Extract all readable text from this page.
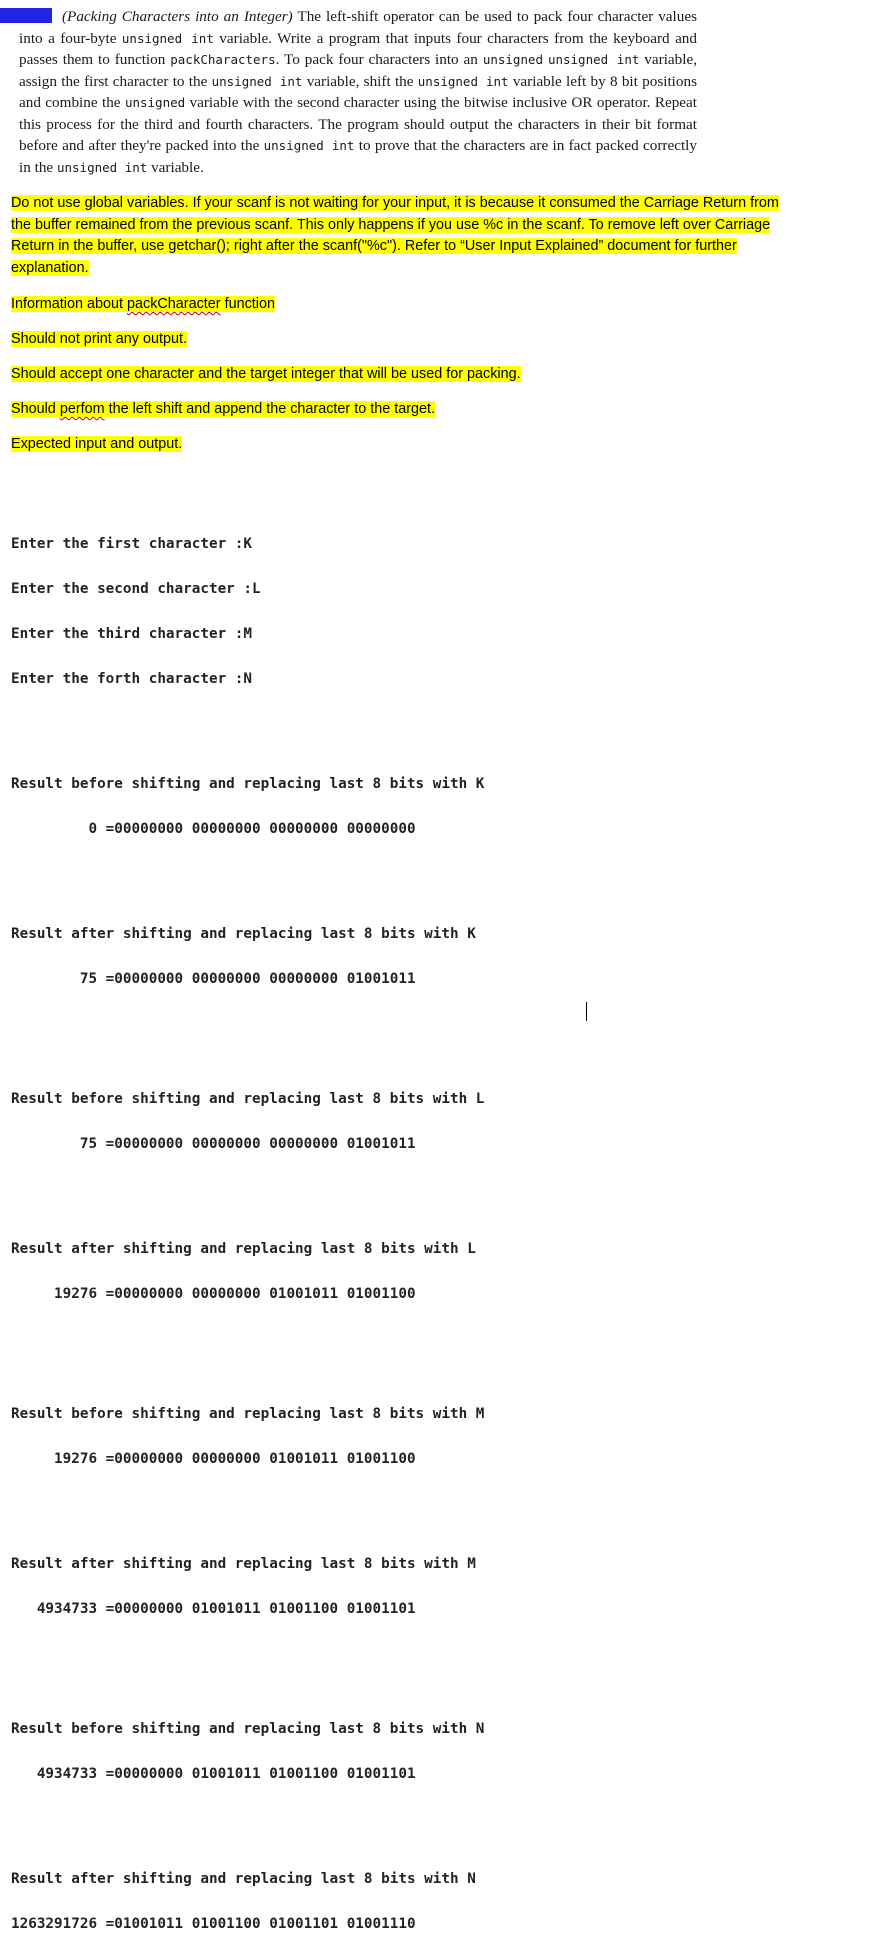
(Packing Characters into an Integer) The left-shift operator can be used to pack four character values into a four-byte unsigned int variable. Write a program that inputs four characters from the keyboard and passes them to function packCharacters. To pack four characters into an unsigned unsigned int variable, assign the first character to the unsigned int variable, shift the unsigned int variable left by 8 bit positions and combine the unsigned variable with the second character using the bitwise inclusive OR operator. Repeat this process for the third and fourth characters. The program should output the characters in their bit format before and after they're packed into the unsigned int to prove that the characters are in fact packed correctly in the unsigned int variable.
Do not use global variables. If your scanf is not waiting for your input, it is because it consumed the Carriage Return from the buffer remained from the previous scanf. This only happens if you use %c in the scanf. To remove left over Carriage Return in the buffer, use getchar(); right after the scanf("%c"). Refer to “User Input Explained” document for further explanation.
Information about packCharacter function
Should not print any output.
Should accept one character and the target integer that will be used for packing.
Should perfom the left shift and append the character to the target.
Expected input and output.

Enter the first character :K

Enter the second character :L

Enter the third character :M

Enter the forth character :N

Result before shifting and replacing last 8 bits with K

0 =00000000 00000000 00000000 00000000

Result after shifting and replacing last 8 bits with K

75 =00000000 00000000 00000000 01001011

Result before shifting and replacing last 8 bits with L

75 =00000000 00000000 00000000 01001011

Result after shifting and replacing last 8 bits with L

19276 =00000000 00000000 01001011 01001100

Result before shifting and replacing last 8 bits with M

19276 =00000000 00000000 01001011 01001100

Result after shifting and replacing last 8 bits with M

4934733 =00000000 01001011 01001100 01001101

Result before shifting and replacing last 8 bits with N

4934733 =00000000 01001011 01001100 01001101

Result after shifting and replacing last 8 bits with N

1263291726 =01001011 01001100 01001101 01001110
